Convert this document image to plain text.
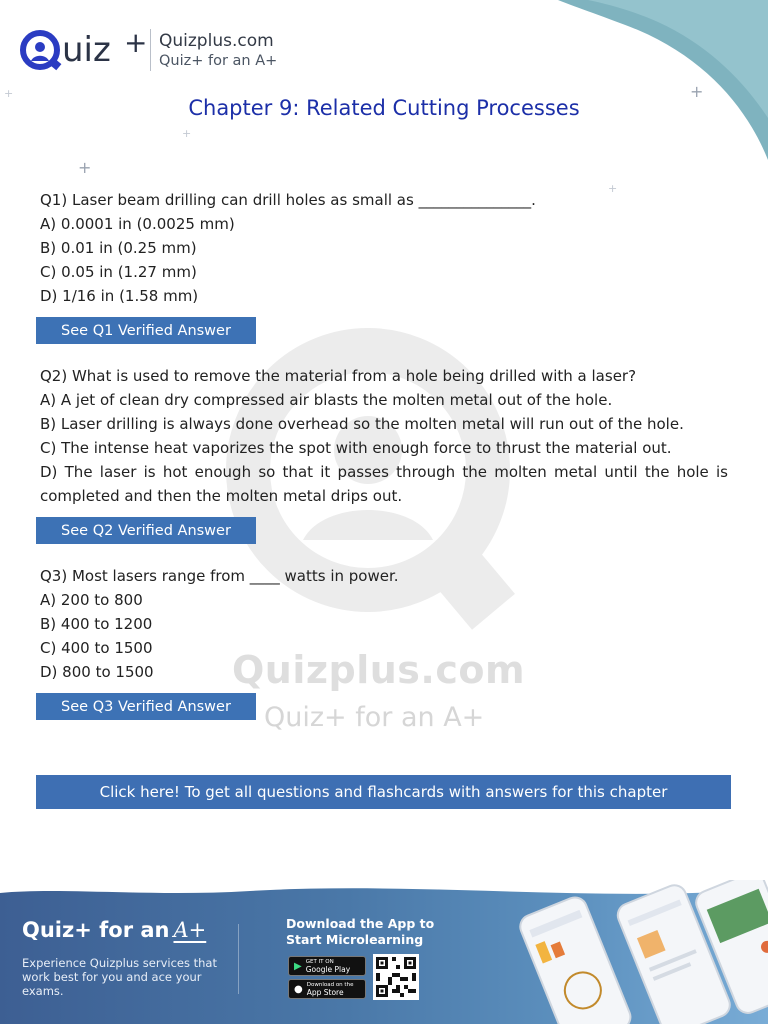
uiz + Quizplus.com
Quiz+ for an A+
+	+
+
+
+
Chapter 9: Related Cutting Processes
Quizplus.com
Quiz+ for an A+
Q1) Laser beam drilling can drill holes as small as _______________.
A) 0.0001 in (0.0025 mm)
B) 0.01 in (0.25 mm)
C) 0.05 in (1.27 mm)
D) 1/16 in (1.58 mm)
See Q1 Verified Answer
Q2) What is used to remove the material from a hole being drilled with a laser?
A) A jet of clean dry compressed air blasts the molten metal out of the hole.
B) Laser drilling is always done overhead so the molten metal will run out of the hole.
C) The intense heat vaporizes the spot with enough force to thrust the material out.
D) The laser is hot enough so that it passes through the molten metal until the hole is completed and then the molten metal drips out.
See Q2 Verified Answer
Q3) Most lasers range from ____ watts in power.
A) 200 to 800
B) 400 to 1200
C) 400 to 1500
D) 800 to 1500
See Q3 Verified Answer
Click here! To get all questions and flashcards with answers for this chapter
Quiz+ for an A+
Experience Quizplus services that work best for you and ace your exams.
Download the App to Start Microlearning
▶ GET IT ON
Google Play
● Download on the
App Store
